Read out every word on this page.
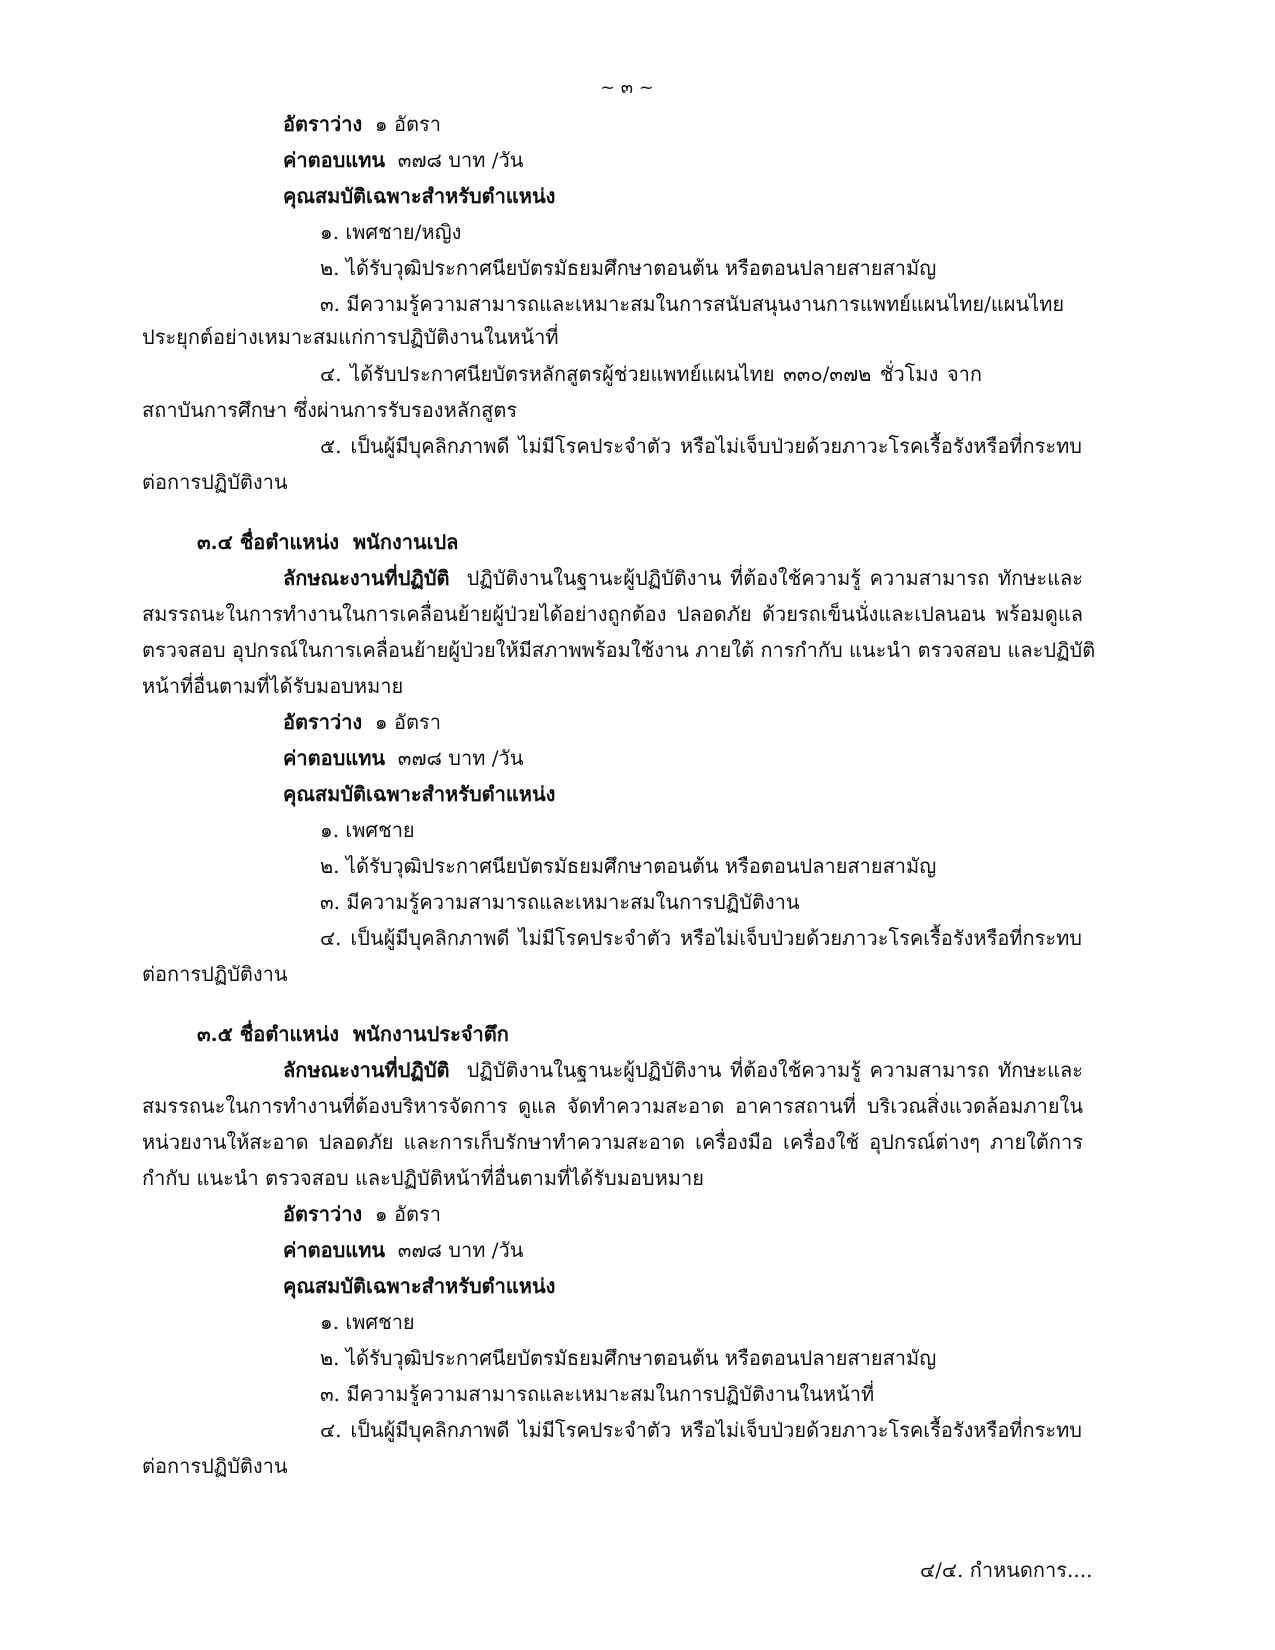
~ ๓ ~
อัตราว่าง ๑ อัตรา
ค่าตอบแทน ๓๗๘ บาท /วัน
คุณสมบัติเฉพาะสำหรับตำแหน่ง
๑. เพศชาย/หญิง
๒. ได้รับวุฒิประกาศนียบัตรมัธยมศึกษาตอนต้น หรือตอนปลายสายสามัญ
๓. มีความรู้ความสามารถและเหมาะสมในการสนับสนุนงานการแพทย์แผนไทย/แผนไทย
ประยุกต์อย่างเหมาะสมแก่การปฏิบัติงานในหน้าที่
๔. ได้รับประกาศนียบัตรหลักสูตรผู้ช่วยแพทย์แผนไทย ๓๓๐/๓๗๒ ชั่วโมง จาก
สถาบันการศึกษา ซึ่งผ่านการรับรองหลักสูตร
๕. เป็นผู้มีบุคลิกภาพดี ไม่มีโรคประจำตัว หรือไม่เจ็บป่วยด้วยภาวะโรคเรื้อรังหรือที่กระทบ
ต่อการปฏิบัติงาน
๓.๔ ชื่อตำแหน่ง พนักงานเปล
ลักษณะงานที่ปฏิบัติ ปฏิบัติงานในฐานะผู้ปฏิบัติงาน ที่ต้องใช้ความรู้ ความสามารถ ทักษะและ
สมรรถนะในการทำงานในการเคลื่อนย้ายผู้ป่วยได้อย่างถูกต้อง ปลอดภัย ด้วยรถเข็นนั่งและเปลนอน พร้อมดูแล
ตรวจสอบ อุปกรณ์ในการเคลื่อนย้ายผู้ป่วยให้มีสภาพพร้อมใช้งาน ภายใต้ การกำกับ แนะนำ ตรวจสอบ และปฏิบัติ
หน้าที่อื่นตามที่ได้รับมอบหมาย
อัตราว่าง ๑ อัตรา
ค่าตอบแทน ๓๗๘ บาท /วัน
คุณสมบัติเฉพาะสำหรับตำแหน่ง
๑. เพศชาย
๒. ได้รับวุฒิประกาศนียบัตรมัธยมศึกษาตอนต้น หรือตอนปลายสายสามัญ
๓. มีความรู้ความสามารถและเหมาะสมในการปฏิบัติงาน
๔. เป็นผู้มีบุคลิกภาพดี ไม่มีโรคประจำตัว หรือไม่เจ็บป่วยด้วยภาวะโรคเรื้อรังหรือที่กระทบ
ต่อการปฏิบัติงาน
๓.๕ ชื่อตำแหน่ง พนักงานประจำตึก
ลักษณะงานที่ปฏิบัติ ปฏิบัติงานในฐานะผู้ปฏิบัติงาน ที่ต้องใช้ความรู้ ความสามารถ ทักษะและ
สมรรถนะในการทำงานที่ต้องบริหารจัดการ ดูแล จัดทำความสะอาด อาคารสถานที่ บริเวณสิ่งแวดล้อมภายใน
หน่วยงานให้สะอาด ปลอดภัย และการเก็บรักษาทำความสะอาด เครื่องมือ เครื่องใช้ อุปกรณ์ต่างๆ ภายใต้การ
กำกับ แนะนำ ตรวจสอบ และปฏิบัติหน้าที่อื่นตามที่ได้รับมอบหมาย
อัตราว่าง ๑ อัตรา
ค่าตอบแทน ๓๗๘ บาท /วัน
คุณสมบัติเฉพาะสำหรับตำแหน่ง
๑. เพศชาย
๒. ได้รับวุฒิประกาศนียบัตรมัธยมศึกษาตอนต้น หรือตอนปลายสายสามัญ
๓. มีความรู้ความสามารถและเหมาะสมในการปฏิบัติงานในหน้าที่
๔. เป็นผู้มีบุคลิกภาพดี ไม่มีโรคประจำตัว หรือไม่เจ็บป่วยด้วยภาวะโรคเรื้อรังหรือที่กระทบ
ต่อการปฏิบัติงาน
๔/๔. กำหนดการ....
